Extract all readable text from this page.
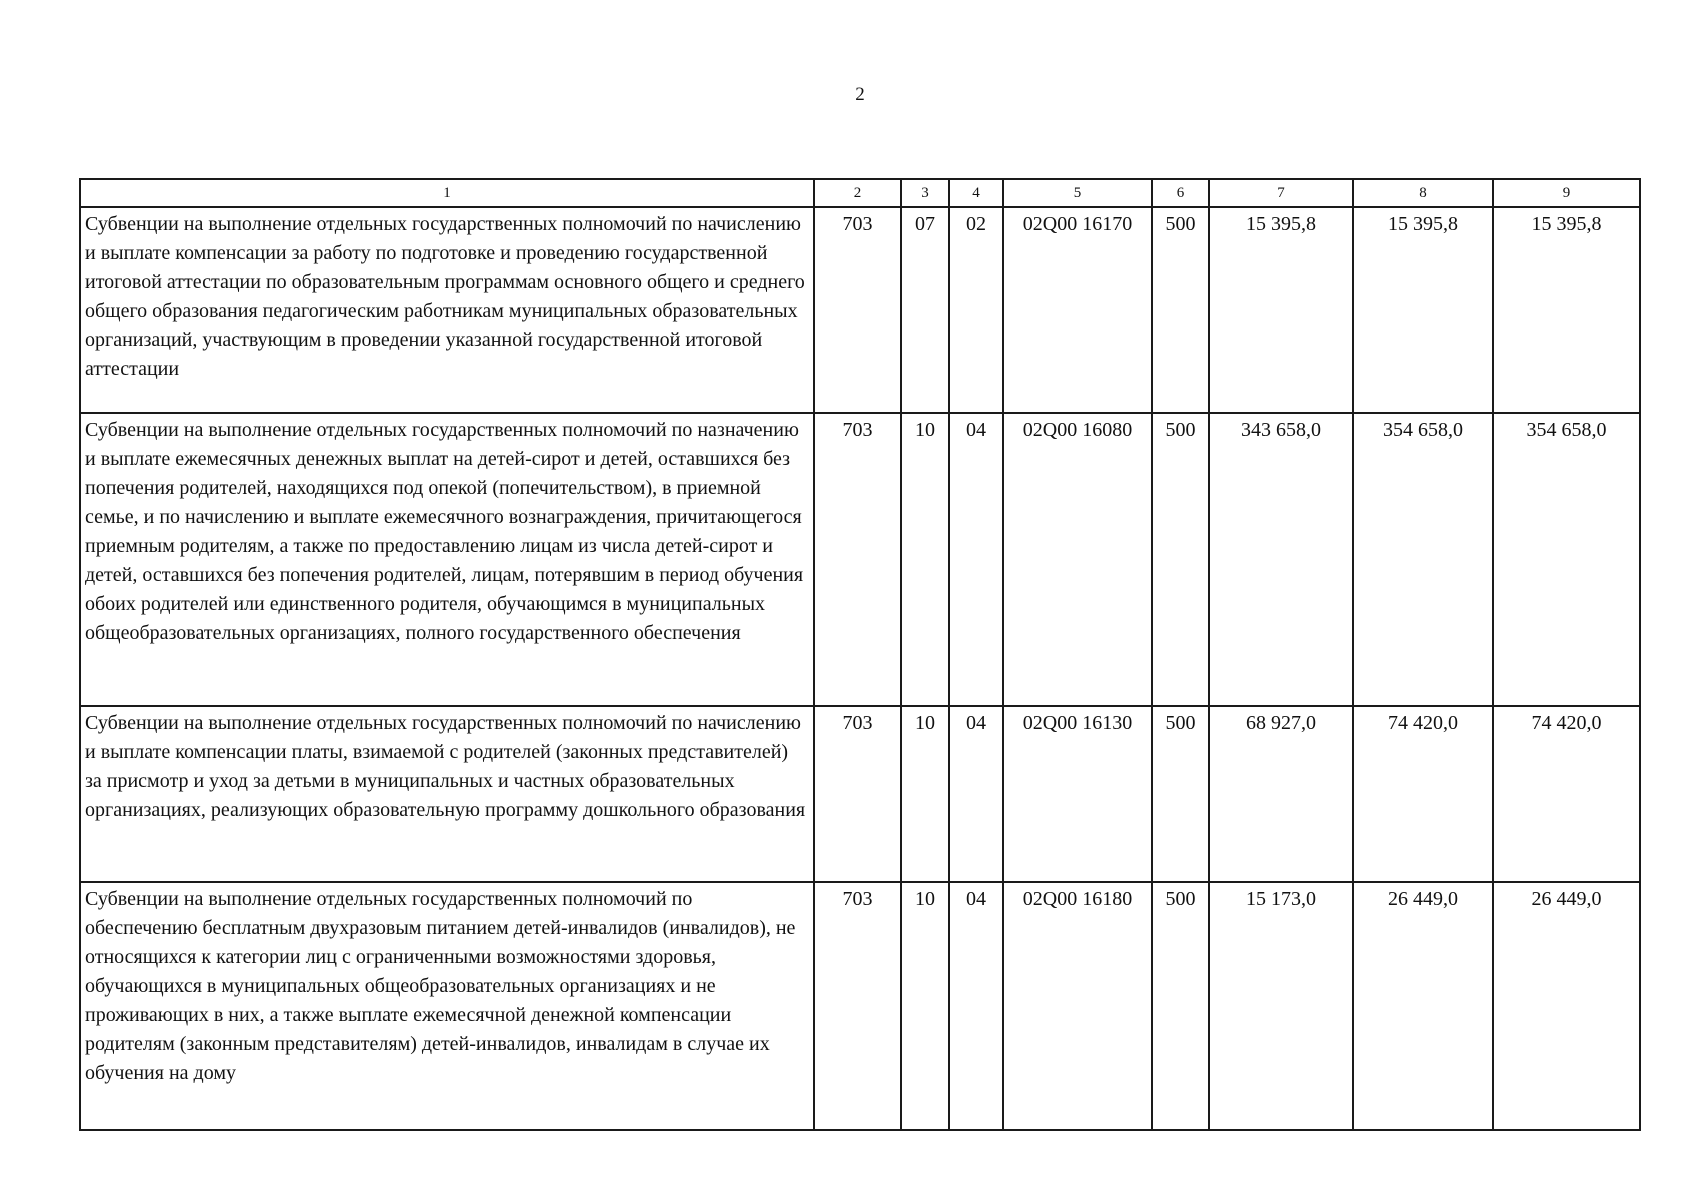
2
1	2	3	4	5	6	7	8	9
Субвенции на выполнение отдельных государственных полномочий по начислению и выплате компенсации за работу по подготовке и проведению государственной итоговой аттестации по образовательным программам основного общего и среднего общего образования педагогическим работникам муниципальных образовательных организаций, участвующим в проведении указанной государственной итоговой аттестации	703	07	02	02Q00 16170	500	15 395,8	15 395,8	15 395,8
Субвенции на выполнение отдельных государственных полномочий по назначению и выплате ежемесячных денежных выплат на детей-сирот и детей, оставшихся без попечения родителей, находящихся под опекой (попечительством), в приемной семье, и по начислению и выплате ежемесячного вознаграждения, причитающегося приемным родителям, а также по предоставлению лицам из числа детей-сирот и детей, оставшихся без попечения родителей, лицам, потерявшим в период обучения обоих родителей или единственного родителя, обучающимся в муниципальных общеобразовательных организациях, полного государственного обеспечения	703	10	04	02Q00 16080	500	343 658,0	354 658,0	354 658,0
Субвенции на выполнение отдельных государственных полномочий по начислению и выплате компенсации платы, взимаемой с родителей (законных представителей) за присмотр и уход за детьми в муниципальных и частных образовательных организациях, реализующих образовательную программу дошкольного образования	703	10	04	02Q00 16130	500	68 927,0	74 420,0	74 420,0
Субвенции на выполнение отдельных государственных полномочий по обеспечению бесплатным двухразовым питанием детей-инвалидов (инвалидов), не относящихся к категории лиц с ограниченными возможностями здоровья, обучающихся в муниципальных общеобразовательных организациях и не проживающих в них, а также выплате ежемесячной денежной компенсации родителям (законным представителям) детей-инвалидов, инвалидам в случае их обучения на дому	703	10	04	02Q00 16180	500	15 173,0	26 449,0	26 449,0
